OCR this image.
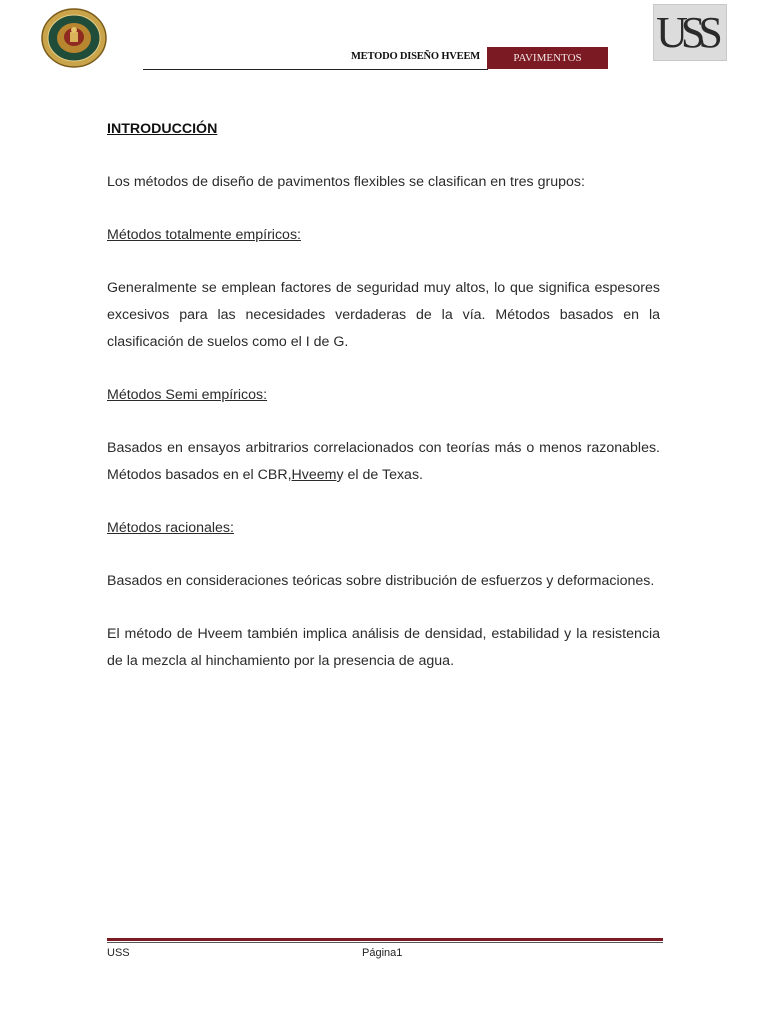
USS
METODO DISEÑO HVEEM	PAVIMENTOS

INTRODUCCIÓN

Los métodos de diseño de pavimentos flexibles se clasifican en tres grupos:

Métodos totalmente empíricos:

Generalmente se emplean factores de seguridad muy altos, lo que significa espesores excesivos para las necesidades verdaderas de la vía. Métodos basados en la clasificación de suelos como el I de G.

Métodos Semi empíricos:

Basados en ensayos arbitrarios correlacionados con teorías más o menos razonables. Métodos basados en el CBR,Hveemy el de Texas.

Métodos racionales:

Basados en consideraciones teóricas sobre distribución de esfuerzos y deformaciones.

El método de Hveem también implica análisis de densidad, estabilidad y la resistencia de la mezcla al hinchamiento por la presencia de agua.

USS	Página1
